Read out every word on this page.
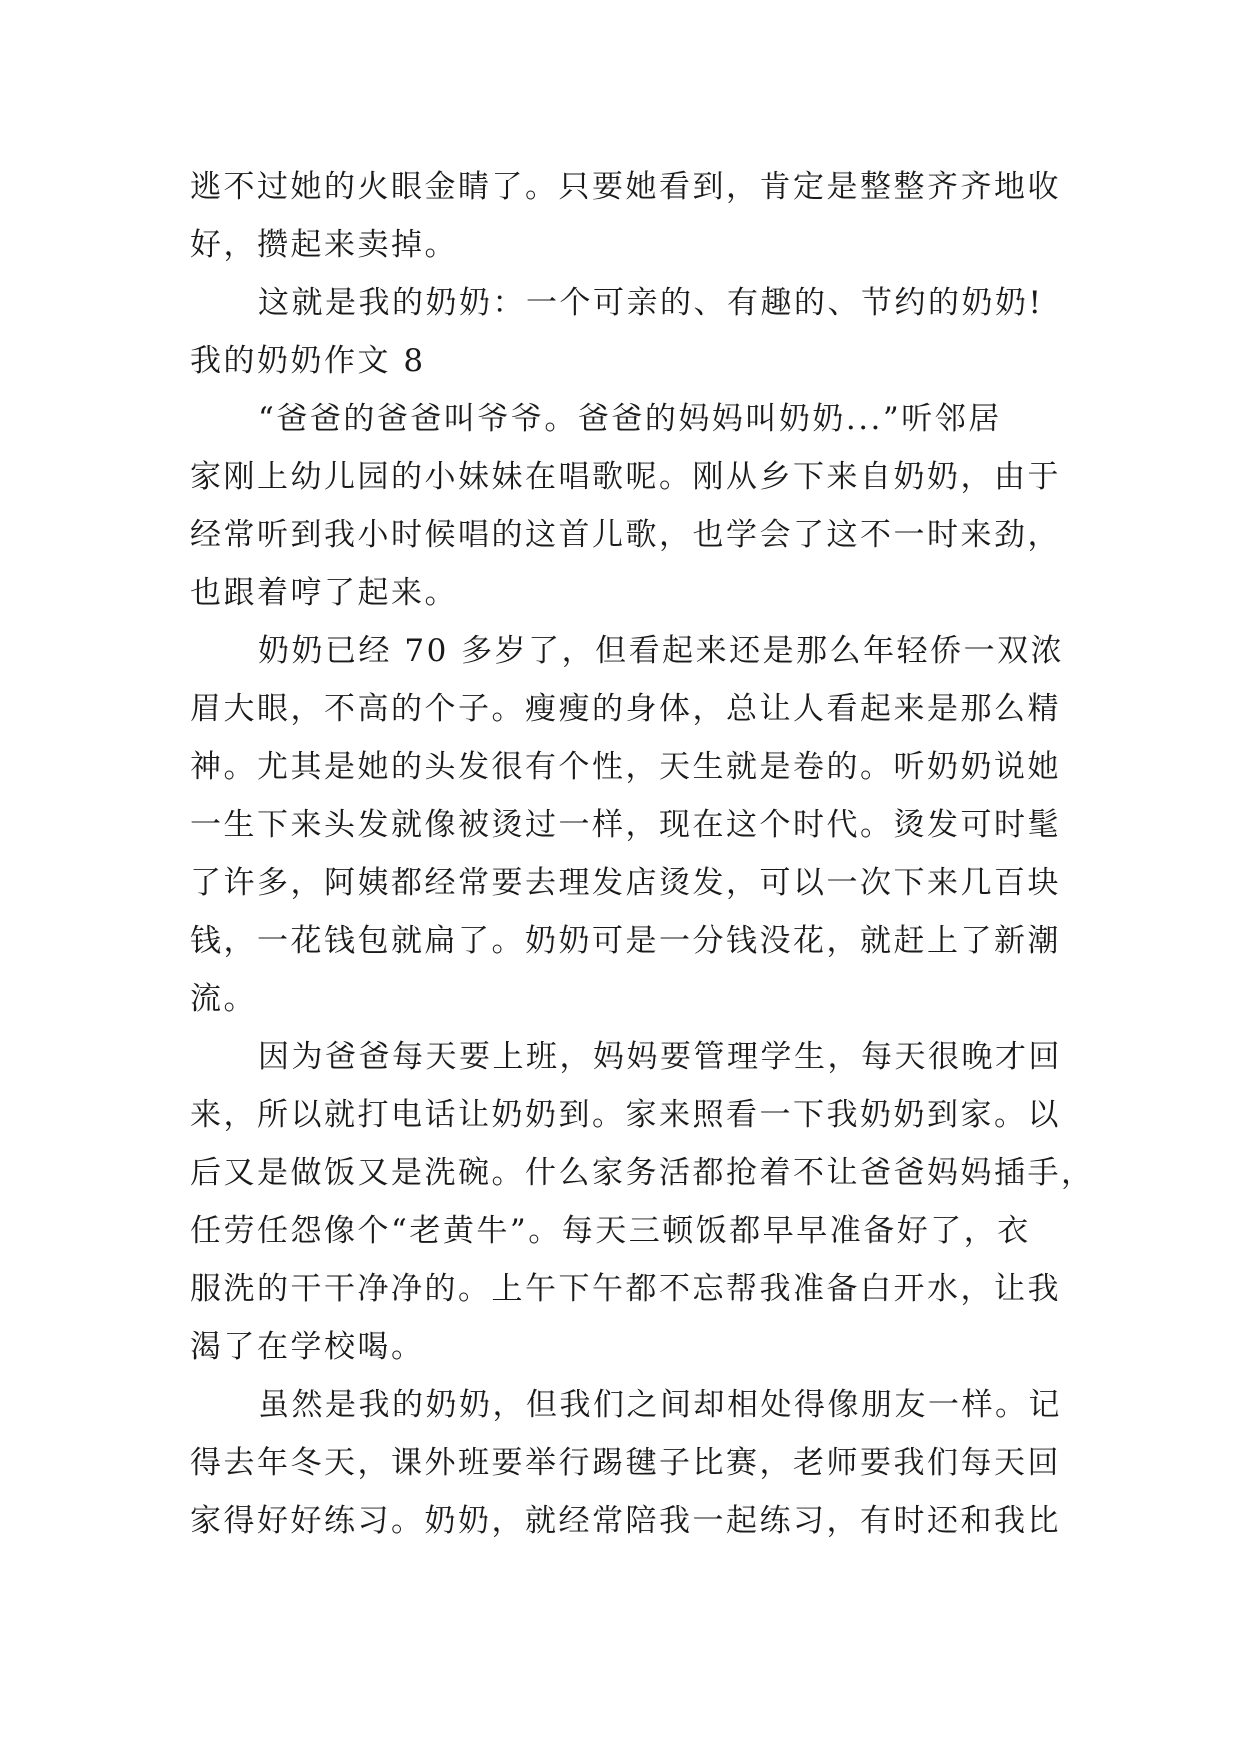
逃不过她的火眼金睛了。只要她看到，肯定是整整齐齐地收

好，攒起来卖掉。

这就是我的奶奶：一个可亲的、有趣的、节约的奶奶!

我的奶奶作文 8

“爸爸的爸爸叫爷爷。爸爸的妈妈叫奶奶...”听邻居

家刚上幼儿园的小妹妹在唱歌呢。刚从乡下来自奶奶，由于

经常听到我小时候唱的这首儿歌，也学会了这不一时来劲，

也跟着哼了起来。

奶奶已经 70 多岁了，但看起来还是那么年轻侨一双浓

眉大眼，不高的个子。瘦瘦的身体，总让人看起来是那么精

神。尤其是她的头发很有个性，天生就是卷的。听奶奶说她

一生下来头发就像被烫过一样，现在这个时代。烫发可时髦

了许多，阿姨都经常要去理发店烫发，可以一次下来几百块

钱，一花钱包就扁了。奶奶可是一分钱没花，就赶上了新潮

流。

因为爸爸每天要上班，妈妈要管理学生，每天很晚才回

来，所以就打电话让奶奶到。家来照看一下我奶奶到家。以

后又是做饭又是洗碗。什么家务活都抢着不让爸爸妈妈插手，

任劳任怨像个“老黄牛”。每天三顿饭都早早准备好了，衣

服洗的干干净净的。上午下午都不忘帮我准备白开水，让我

渴了在学校喝。

虽然是我的奶奶，但我们之间却相处得像朋友一样。记

得去年冬天，课外班要举行踢毽子比赛，老师要我们每天回

家得好好练习。奶奶，就经常陪我一起练习，有时还和我比
